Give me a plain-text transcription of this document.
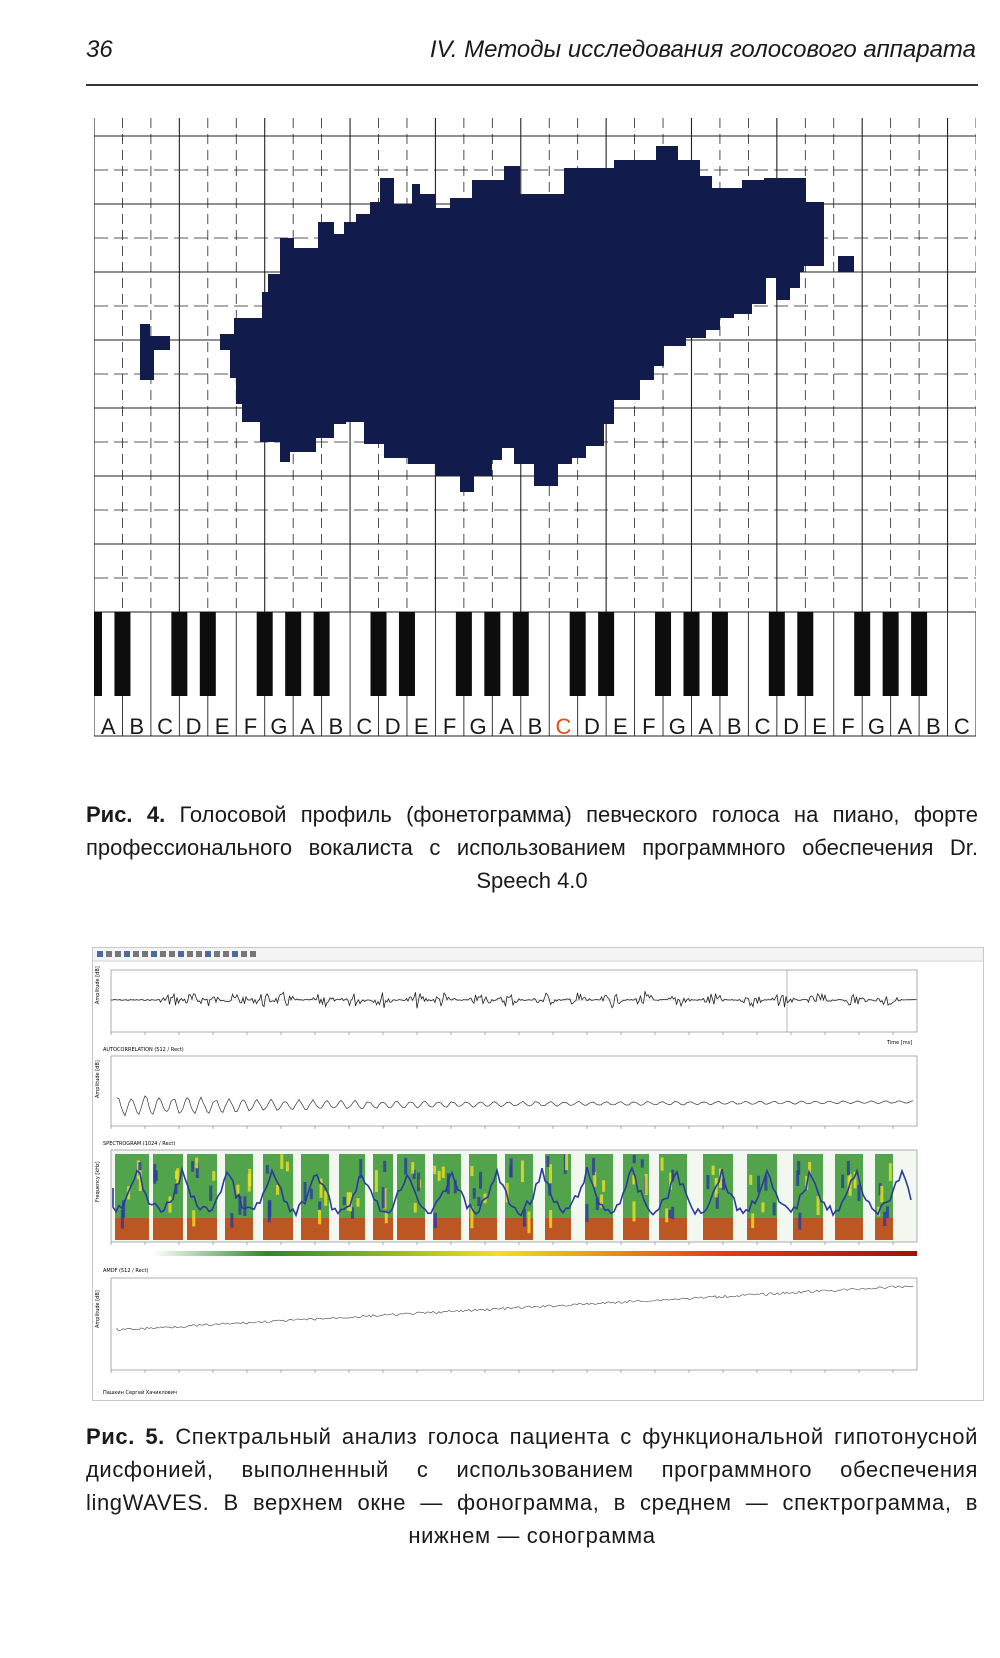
36	IV. Методы исследования голосового аппарата
A B C D E F G A B C D E F G A B C D E F G A B C D E F G A B C
Рис. 4. Голосовой профиль (фонетограмма) певческого голоса на пиано, форте профессионального вокалиста с использованием программного обеспечения Dr. Speech 4.0
Amplitude [dB]
Time [ms]
AUTOCORRELATION (512 / Rect)
Amplitude [dB]
SPECTROGRAM (1024 / Rect)
Frequency [kHz]
AMDF (512 / Rect)
Amplitude [dB]
Пашкин Сергей Хачиклович
Рис. 5. Спектральный анализ голоса пациента с функциональной гипотонусной дисфонией, выполненный с использованием программного обеспечения lingWAVES. В верхнем окне — фонограмма, в среднем — спектрограмма, в нижнем — сонограмма
